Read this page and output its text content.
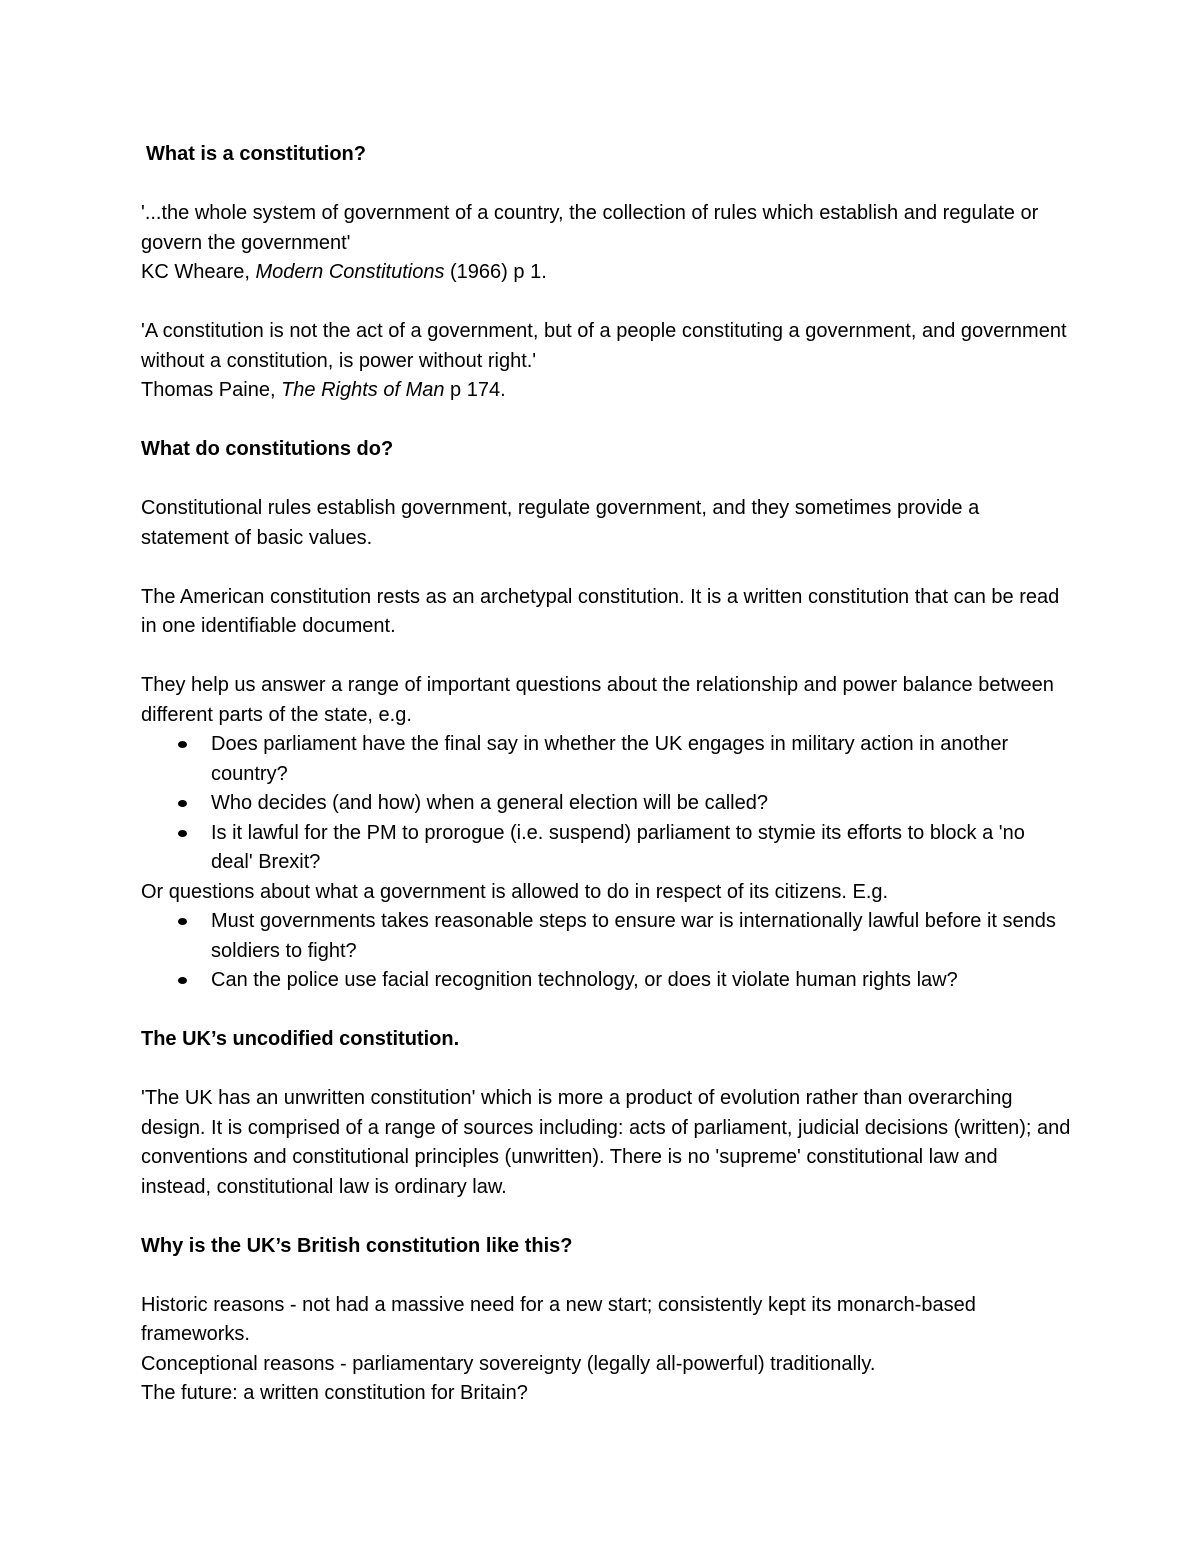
What is a constitution?

'...the whole system of government of a country, the collection of rules which establish and regulate or govern the government'

KC Wheare, Modern Constitutions (1966) p 1.

'A constitution is not the act of a government, but of a people constituting a government, and government without a constitution, is power without right.'

Thomas Paine, The Rights of Man p 174.

What do constitutions do?

Constitutional rules establish government, regulate government, and they sometimes provide a statement of basic values.

The American constitution rests as an archetypal constitution. It is a written constitution that can be read in one identifiable document.

They help us answer a range of important questions about the relationship and power balance between different parts of the state, e.g.

Does parliament have the final say in whether the UK engages in military action in another country?
Who decides (and how) when a general election will be called?
Is it lawful for the PM to prorogue (i.e. suspend) parliament to stymie its efforts to block a 'no deal' Brexit?

Or questions about what a government is allowed to do in respect of its citizens. E.g.

Must governments takes reasonable steps to ensure war is internationally lawful before it sends soldiers to fight?
Can the police use facial recognition technology, or does it violate human rights law?

The UK’s uncodified constitution.

'The UK has an unwritten constitution' which is more a product of evolution rather than overarching design. It is comprised of a range of sources including: acts of parliament, judicial decisions (written); and conventions and constitutional principles (unwritten). There is no 'supreme' constitutional law and instead, constitutional law is ordinary law.

Why is the UK’s British constitution like this?

Historic reasons - not had a massive need for a new start; consistently kept its monarch-based frameworks.

Conceptional reasons - parliamentary sovereignty (legally all-powerful) traditionally.

The future: a written constitution for Britain?
